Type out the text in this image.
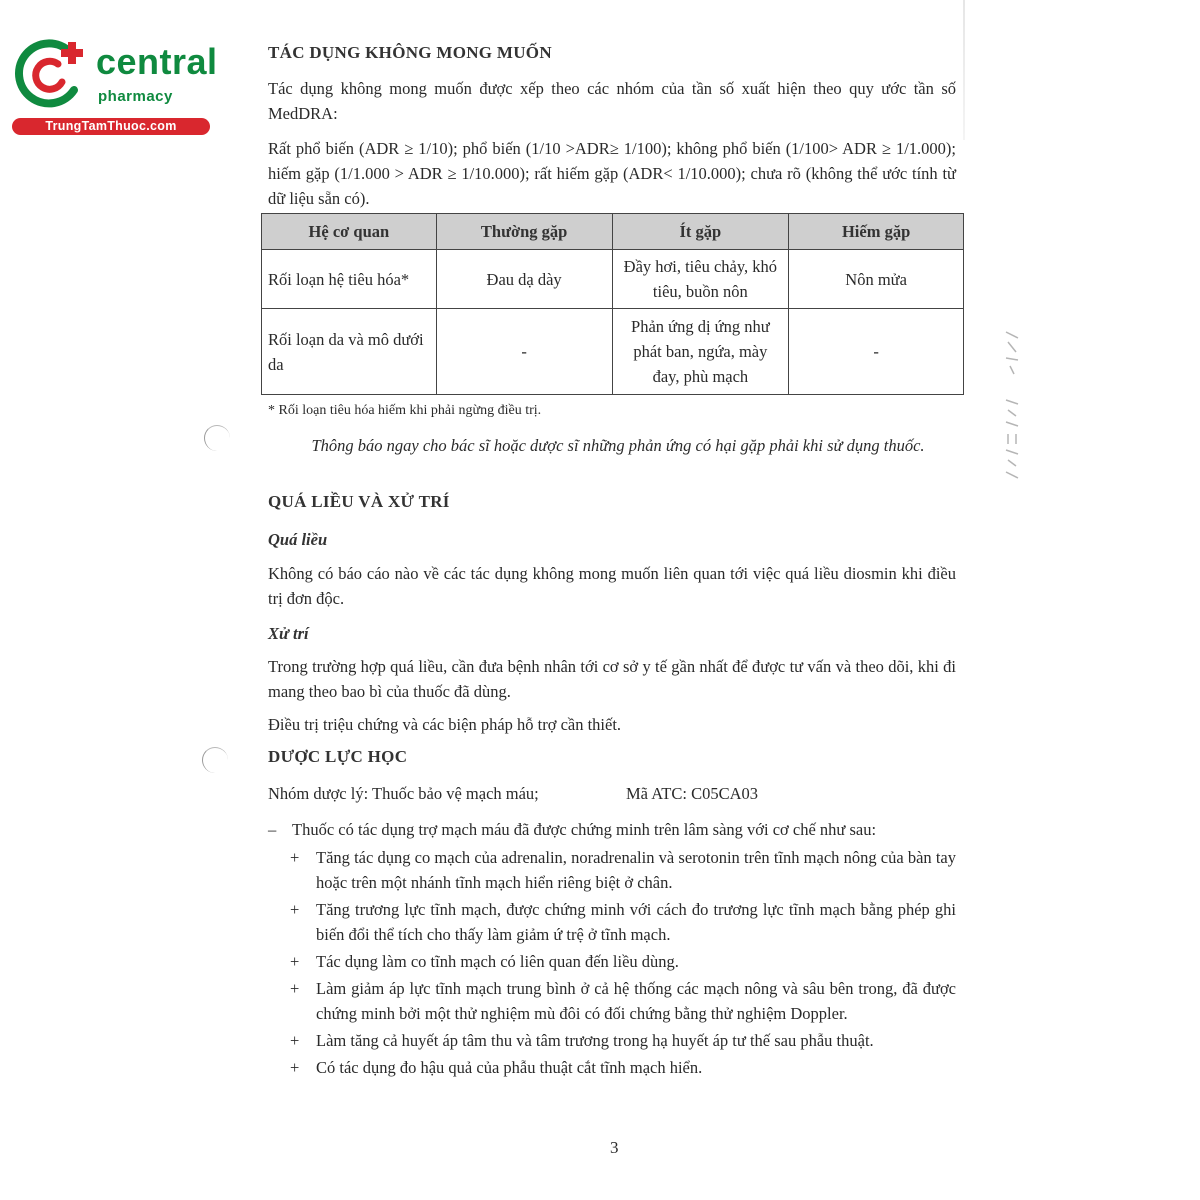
central
pharmacy
TrungTamThuoc.com
TÁC DỤNG KHÔNG MONG MUỐN
Tác dụng không mong muốn được xếp theo các nhóm của tần số xuất hiện theo quy ước tần số MedDRA:
Rất phổ biến (ADR ≥ 1/10); phổ biến (1/10 >ADR≥ 1/100); không phổ biến (1/100> ADR ≥ 1/1.000); hiếm gặp (1/1.000 > ADR ≥ 1/10.000); rất hiếm gặp (ADR< 1/10.000); chưa rõ (không thể ước tính từ dữ liệu sẵn có).
Hệ cơ quan	Thường gặp	Ít gặp	Hiếm gặp
Rối loạn hệ tiêu hóa*	Đau dạ dày	Đầy hơi, tiêu chảy, khó tiêu, buồn nôn	Nôn mửa
Rối loạn da và mô dưới da	-	Phản ứng dị ứng như phát ban, ngứa, mày đay, phù mạch	-
* Rối loạn tiêu hóa hiếm khi phải ngừng điều trị.
Thông báo ngay cho bác sĩ hoặc dược sĩ những phản ứng có hại gặp phải khi sử dụng thuốc.
QUÁ LIỀU VÀ XỬ TRÍ
Quá liều
Không có báo cáo nào về các tác dụng không mong muốn liên quan tới việc quá liều diosmin khi điều trị đơn độc.
Xử trí
Trong trường hợp quá liều, cần đưa bệnh nhân tới cơ sở y tế gần nhất để được tư vấn và theo dõi, khi đi mang theo bao bì của thuốc đã dùng.
Điều trị triệu chứng và các biện pháp hỗ trợ cần thiết.
DƯỢC LỰC HỌC
Nhóm dược lý: Thuốc bảo vệ mạch máu;	Mã ATC: C05CA03
– Thuốc có tác dụng trợ mạch máu đã được chứng minh trên lâm sàng với cơ chế như sau:
+ Tăng tác dụng co mạch của adrenalin, noradrenalin và serotonin trên tĩnh mạch nông của bàn tay hoặc trên một nhánh tĩnh mạch hiển riêng biệt ở chân.
+ Tăng trương lực tĩnh mạch, được chứng minh với cách đo trương lực tĩnh mạch bằng phép ghi biến đổi thể tích cho thấy làm giảm ứ trệ ở tĩnh mạch.
+ Tác dụng làm co tĩnh mạch có liên quan đến liều dùng.
+ Làm giảm áp lực tĩnh mạch trung bình ở cả hệ thống các mạch nông và sâu bên trong, đã được chứng minh bởi một thử nghiệm mù đôi có đối chứng bằng thử nghiệm Doppler.
+ Làm tăng cả huyết áp tâm thu và tâm trương trong hạ huyết áp tư thế sau phẫu thuật.
+ Có tác dụng đo hậu quả của phẫu thuật cắt tĩnh mạch hiển.
3
